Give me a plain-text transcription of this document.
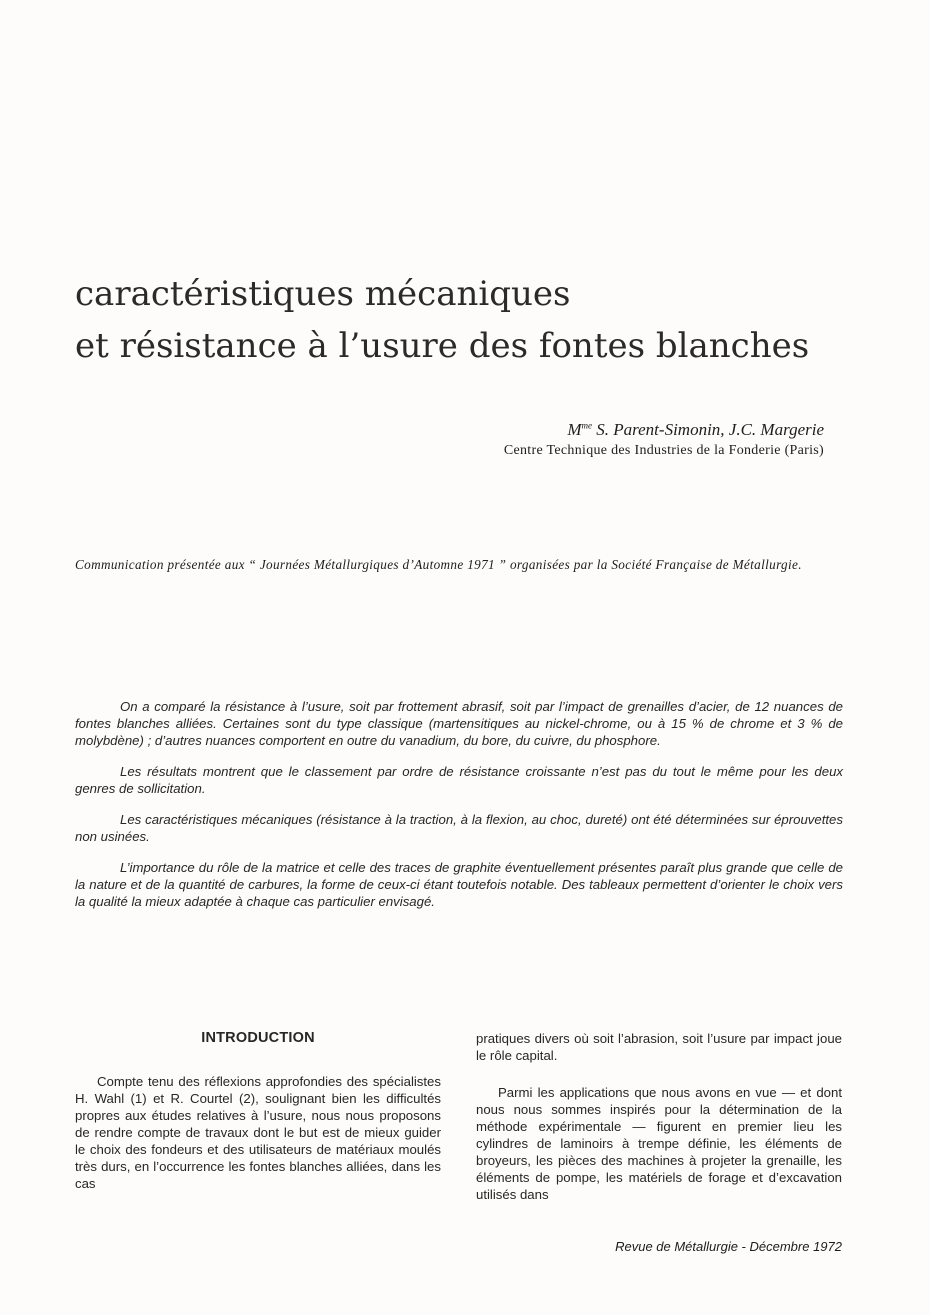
caractéristiques mécaniques
et résistance à l’usure des fontes blanches
$M^{me}$ S. Parent-Simonin, J.C. Margerie
Centre Technique des Industries de la Fonderie (Paris)
Communication présentée aux “ Journées Métallurgiques d’Automne 1971 ” organisées par la Société Française de Métallurgie.

On a comparé la résistance à l’usure, soit par frottement abrasif, soit par l’impact de grenailles d’acier, de 12 nuances de fontes blanches alliées. Certaines sont du type classique (martensitiques au nickel-chrome, ou à 15 % de chrome et 3 % de molybdène) ; d’autres nuances comportent en outre du vanadium, du bore, du cuivre, du phosphore.

Les résultats montrent que le classement par ordre de résistance croissante n’est pas du tout le même pour les deux genres de sollicitation.

Les caractéristiques mécaniques (résistance à la traction, à la flexion, au choc, dureté) ont été déterminées sur éprouvettes non usinées.

L’importance du rôle de la matrice et celle des traces de graphite éventuellement présentes paraît plus grande que celle de la nature et de la quantité de carbures, la forme de ceux-ci étant toutefois notable. Des tableaux permettent d’orienter le choix vers la qualité la mieux adaptée à chaque cas particulier envisagé.

INTRODUCTION

Compte tenu des réflexions approfondies des spécialistes H. Wahl (1) et R. Courtel (2), soulignant bien les difficultés propres aux études relatives à l’usure, nous nous proposons de rendre compte de travaux dont le but est de mieux guider le choix des fondeurs et des utilisateurs de matériaux moulés très durs, en l’occurrence les fontes blanches alliées, dans les cas

pratiques divers où soit l’abrasion, soit l’usure par impact joue le rôle capital.

Parmi les applications que nous avons en vue — et dont nous nous sommes inspirés pour la détermination de la méthode expérimentale — figurent en premier lieu les cylindres de laminoirs à trempe définie, les éléments de broyeurs, les pièces des machines à projeter la grenaille, les éléments de pompe, les matériels de forage et d’excavation utilisés dans

Revue de Métallurgie - Décembre 1972
